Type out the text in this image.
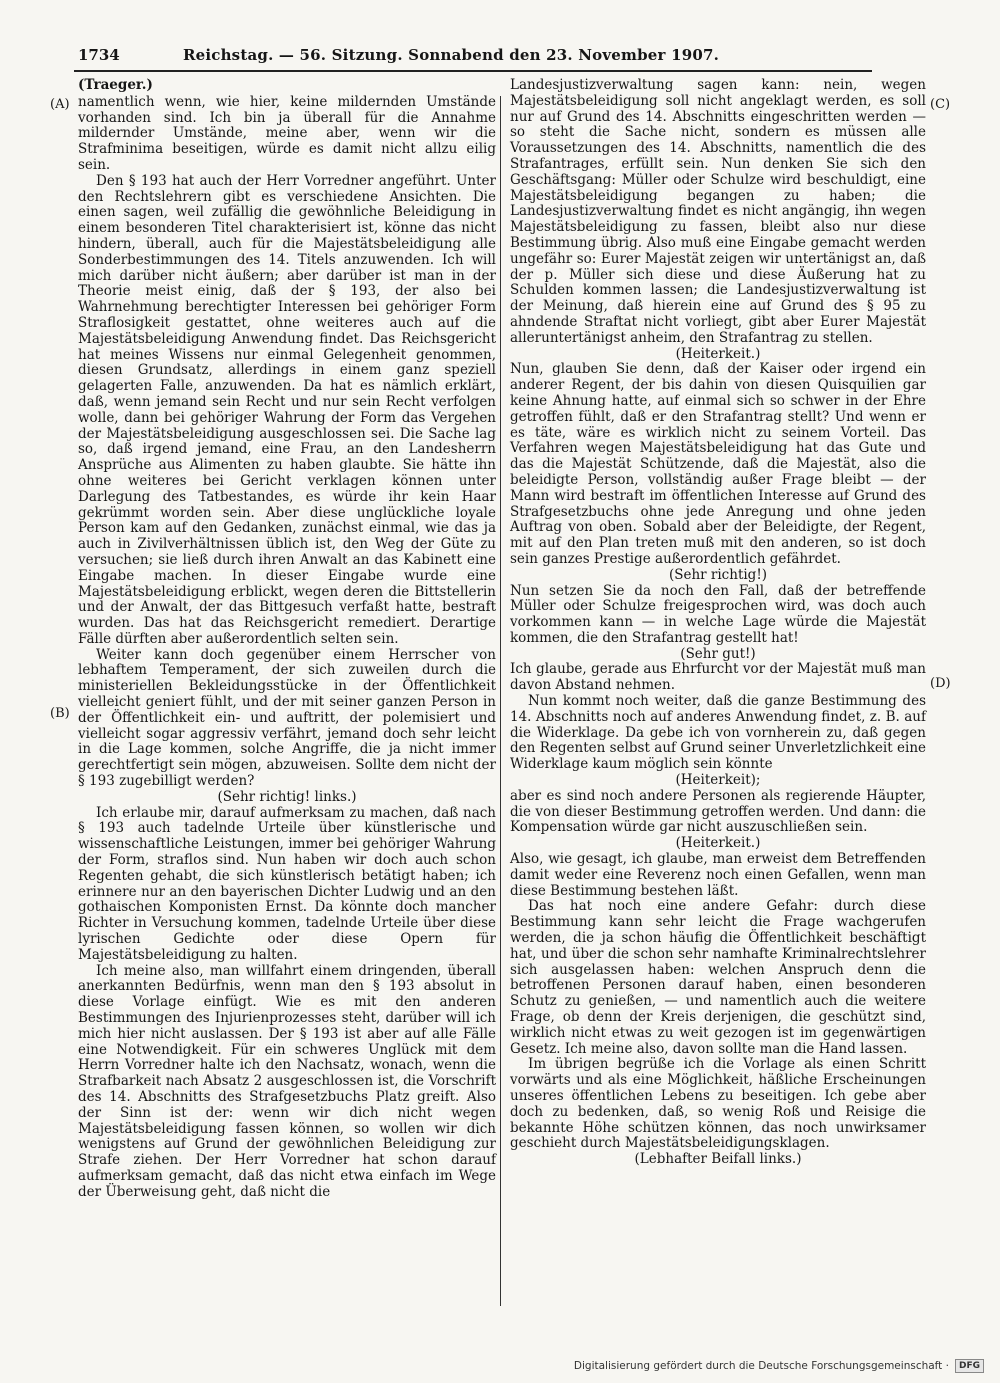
1734	Reichstag. — 56. Sitzung. Sonnabend den 23. November 1907.
(A)
(B)
(C)
(D)
(Traeger.)

namentlich wenn, wie hier, keine mildernden Umstände vorhanden sind. Ich bin ja überall für die Annahme mildernder Umstände, meine aber, wenn wir die Strafminima beseitigen, würde es damit nicht allzu eilig sein.

Den § 193 hat auch der Herr Vorredner angeführt. Unter den Rechtslehrern gibt es verschiedene Ansichten. Die einen sagen, weil zufällig die gewöhnliche Beleidigung in einem besonderen Titel charakterisiert ist, könne das nicht hindern, überall, auch für die Majestätsbeleidigung alle Sonderbestimmungen des 14. Titels anzuwenden. Ich will mich darüber nicht äußern; aber darüber ist man in der Theorie meist einig, daß der § 193, der also bei Wahrnehmung berechtigter Interessen bei gehöriger Form Straflosigkeit gestattet, ohne weiteres auch auf die Majestätsbeleidigung Anwendung findet. Das Reichsgericht hat meines Wissens nur einmal Gelegenheit genommen, diesen Grundsatz, allerdings in einem ganz speziell gelagerten Falle, anzuwenden. Da hat es nämlich erklärt, daß, wenn jemand sein Recht und nur sein Recht verfolgen wolle, dann bei gehöriger Wahrung der Form das Vergehen der Majestätsbeleidigung ausgeschlossen sei. Die Sache lag so, daß irgend jemand, eine Frau, an den Landesherrn Ansprüche aus Alimenten zu haben glaubte. Sie hätte ihn ohne weiteres bei Gericht verklagen können unter Darlegung des Tatbestandes, es würde ihr kein Haar gekrümmt worden sein. Aber diese unglückliche loyale Person kam auf den Gedanken, zunächst einmal, wie das ja auch in Zivilverhältnissen üblich ist, den Weg der Güte zu versuchen; sie ließ durch ihren Anwalt an das Kabinett eine Eingabe machen. In dieser Eingabe wurde eine Majestätsbeleidigung erblickt, wegen deren die Bittstellerin und der Anwalt, der das Bittgesuch verfaßt hatte, bestraft wurden. Das hat das Reichsgericht remediert. Derartige Fälle dürften aber außerordentlich selten sein.

Weiter kann doch gegenüber einem Herrscher von lebhaftem Temperament, der sich zuweilen durch die ministeriellen Bekleidungsstücke in der Öffentlichkeit vielleicht geniert fühlt, und der mit seiner ganzen Person in der Öffentlichkeit ein- und auftritt, der polemisiert und vielleicht sogar aggressiv verfährt, jemand doch sehr leicht in die Lage kommen, solche Angriffe, die ja nicht immer gerechtfertigt sein mögen, abzuweisen. Sollte dem nicht der § 193 zugebilligt werden?

(Sehr richtig! links.)

Ich erlaube mir, darauf aufmerksam zu machen, daß nach § 193 auch tadelnde Urteile über künstlerische und wissenschaftliche Leistungen, immer bei gehöriger Wahrung der Form, straflos sind. Nun haben wir doch auch schon Regenten gehabt, die sich künstlerisch betätigt haben; ich erinnere nur an den bayerischen Dichter Ludwig und an den gothaischen Komponisten Ernst. Da könnte doch mancher Richter in Versuchung kommen, tadelnde Urteile über diese lyrischen Gedichte oder diese Opern für Majestätsbeleidigung zu halten.

Ich meine also, man willfahrt einem dringenden, überall anerkannten Bedürfnis, wenn man den § 193 absolut in diese Vorlage einfügt. Wie es mit den anderen Bestimmungen des Injurienprozesses steht, darüber will ich mich hier nicht auslassen. Der § 193 ist aber auf alle Fälle eine Notwendigkeit. Für ein schweres Unglück mit dem Herrn Vorredner halte ich den Nachsatz, wonach, wenn die Strafbarkeit nach Absatz 2 ausgeschlossen ist, die Vorschrift des 14. Abschnitts des Strafgesetzbuchs Platz greift. Also der Sinn ist der: wenn wir dich nicht wegen Majestätsbeleidigung fassen können, so wollen wir dich wenigstens auf Grund der gewöhnlichen Beleidigung zur Strafe ziehen. Der Herr Vorredner hat schon darauf aufmerksam gemacht, daß das nicht etwa einfach im Wege der Überweisung geht, daß nicht die

Landesjustizverwaltung sagen kann: nein, wegen Majestätsbeleidigung soll nicht angeklagt werden, es soll nur auf Grund des 14. Abschnitts eingeschritten werden — so steht die Sache nicht, sondern es müssen alle Voraussetzungen des 14. Abschnitts, namentlich die des Strafantrages, erfüllt sein. Nun denken Sie sich den Geschäftsgang: Müller oder Schulze wird beschuldigt, eine Majestätsbeleidigung begangen zu haben; die Landesjustizverwaltung findet es nicht angängig, ihn wegen Majestätsbeleidigung zu fassen, bleibt also nur diese Bestimmung übrig. Also muß eine Eingabe gemacht werden ungefähr so: Eurer Majestät zeigen wir untertänigst an, daß der p. Müller sich diese und diese Äußerung hat zu Schulden kommen lassen; die Landesjustizverwaltung ist der Meinung, daß hierein eine auf Grund des § 95 zu ahndende Straftat nicht vorliegt, gibt aber Eurer Majestät alleruntertänigst anheim, den Strafantrag zu stellen.

(Heiterkeit.)

Nun, glauben Sie denn, daß der Kaiser oder irgend ein anderer Regent, der bis dahin von diesen Quisquilien gar keine Ahnung hatte, auf einmal sich so schwer in der Ehre getroffen fühlt, daß er den Strafantrag stellt? Und wenn er es täte, wäre es wirklich nicht zu seinem Vorteil. Das Verfahren wegen Majestätsbeleidigung hat das Gute und das die Majestät Schützende, daß die Majestät, also die beleidigte Person, vollständig außer Frage bleibt — der Mann wird bestraft im öffentlichen Interesse auf Grund des Strafgesetzbuchs ohne jede Anregung und ohne jeden Auftrag von oben. Sobald aber der Beleidigte, der Regent, mit auf den Plan treten muß mit den anderen, so ist doch sein ganzes Prestige außerordentlich gefährdet.

(Sehr richtig!)

Nun setzen Sie da noch den Fall, daß der betreffende Müller oder Schulze freigesprochen wird, was doch auch vorkommen kann — in welche Lage würde die Majestät kommen, die den Strafantrag gestellt hat!

(Sehr gut!)

Ich glaube, gerade aus Ehrfurcht vor der Majestät muß man davon Abstand nehmen.

Nun kommt noch weiter, daß die ganze Bestimmung des 14. Abschnitts noch auf anderes Anwendung findet, z. B. auf die Widerklage. Da gebe ich von vornherein zu, daß gegen den Regenten selbst auf Grund seiner Unverletzlichkeit eine Widerklage kaum möglich sein könnte

(Heiterkeit);

aber es sind noch andere Personen als regierende Häupter, die von dieser Bestimmung getroffen werden. Und dann: die Kompensation würde gar nicht auszuschließen sein.

(Heiterkeit.)

Also, wie gesagt, ich glaube, man erweist dem Betreffenden damit weder eine Reverenz noch einen Gefallen, wenn man diese Bestimmung bestehen läßt.

Das hat noch eine andere Gefahr: durch diese Bestimmung kann sehr leicht die Frage wachgerufen werden, die ja schon häufig die Öffentlichkeit beschäftigt hat, und über die schon sehr namhafte Kriminalrechtslehrer sich ausgelassen haben: welchen Anspruch denn die betroffenen Personen darauf haben, einen besonderen Schutz zu genießen, — und namentlich auch die weitere Frage, ob denn der Kreis derjenigen, die geschützt sind, wirklich nicht etwas zu weit gezogen ist im gegenwärtigen Gesetz. Ich meine also, davon sollte man die Hand lassen.

Im übrigen begrüße ich die Vorlage als einen Schritt vorwärts und als eine Möglichkeit, häßliche Erscheinungen unseres öffentlichen Lebens zu beseitigen. Ich gebe aber doch zu bedenken, daß, so wenig Roß und Reisige die bekannte Höhe schützen können, das noch unwirksamer geschieht durch Majestätsbeleidigungsklagen.

(Lebhafter Beifall links.)

Digitalisierung gefördert durch die Deutsche Forschungsgemeinschaft ·	DFG
